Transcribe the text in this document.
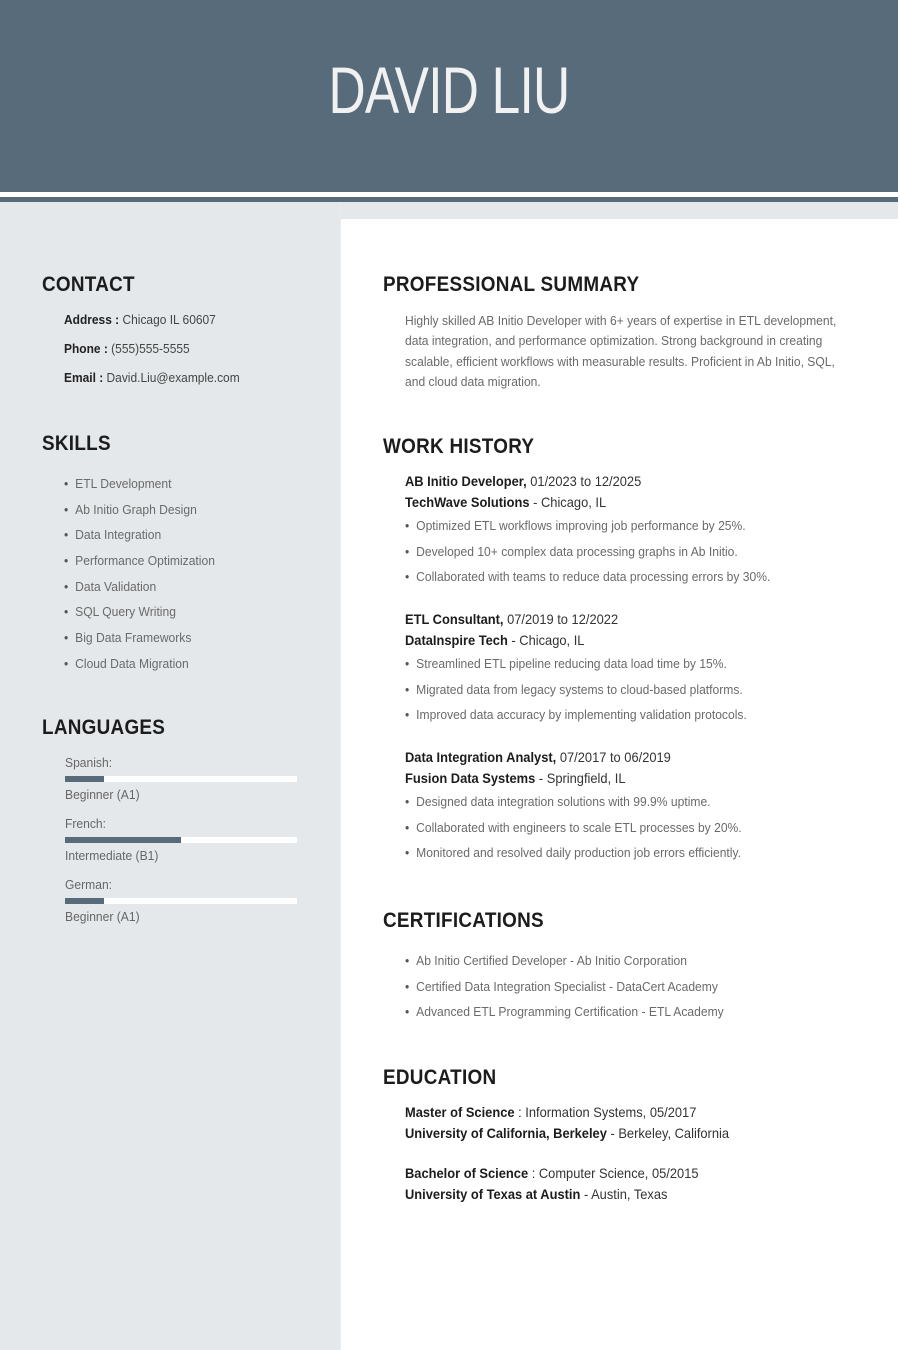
DAVID LIU
CONTACT
Address : Chicago IL 60607
Phone : (555)555-5555
Email : David.Liu@example.com
SKILLS
• ETL Development
• Ab Initio Graph Design
• Data Integration
• Performance Optimization
• Data Validation
• SQL Query Writing
• Big Data Frameworks
• Cloud Data Migration
LANGUAGES
Spanish:
Beginner (A1)
French:
Intermediate (B1)
German:
Beginner (A1)
PROFESSIONAL SUMMARY
Highly skilled AB Initio Developer with 6+ years of expertise in ETL development, data integration, and performance optimization. Strong background in creating scalable, efficient workflows with measurable results. Proficient in Ab Initio, SQL, and cloud data migration.
WORK HISTORY
AB Initio Developer, 01/2023 to 12/2025
TechWave Solutions - Chicago, IL
• Optimized ETL workflows improving job performance by 25%.
• Developed 10+ complex data processing graphs in Ab Initio.
• Collaborated with teams to reduce data processing errors by 30%.
ETL Consultant, 07/2019 to 12/2022
DataInspire Tech - Chicago, IL
• Streamlined ETL pipeline reducing data load time by 15%.
• Migrated data from legacy systems to cloud-based platforms.
• Improved data accuracy by implementing validation protocols.
Data Integration Analyst, 07/2017 to 06/2019
Fusion Data Systems - Springfield, IL
• Designed data integration solutions with 99.9% uptime.
• Collaborated with engineers to scale ETL processes by 20%.
• Monitored and resolved daily production job errors efficiently.
CERTIFICATIONS
• Ab Initio Certified Developer - Ab Initio Corporation
• Certified Data Integration Specialist - DataCert Academy
• Advanced ETL Programming Certification - ETL Academy
EDUCATION
Master of Science : Information Systems, 05/2017
University of California, Berkeley - Berkeley, California
Bachelor of Science : Computer Science, 05/2015
University of Texas at Austin - Austin, Texas
